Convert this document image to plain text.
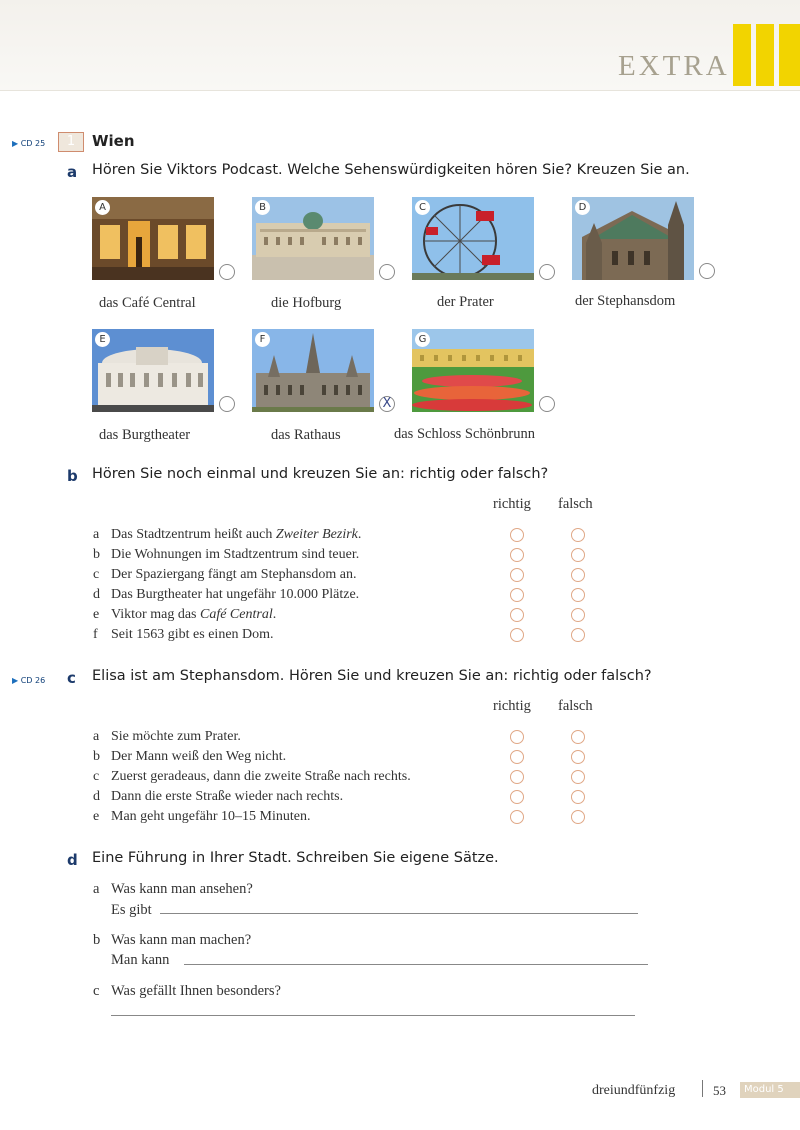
EXTRA
▶ CD 25	1	Wien
a Hören Sie Viktors Podcast. Welche Sehenswürdigkeiten hören Sie? Kreuzen Sie an.
A
das Café Central
B
die Hofburg
C
der Prater
D
der Stephansdom
E
das Burgtheater
F
X
das Rathaus
G
das Schloss Schönbrunn
b Hören Sie noch einmal und kreuzen Sie an: richtig oder falsch?
richtig falsch
a Das Stadtzentrum heißt auch Zweiter Bezirk.
b Die Wohnungen im Stadtzentrum sind teuer.
c Der Spaziergang fängt am Stephansdom an.
d Das Burgtheater hat ungefähr 10.000 Plätze.
e Viktor mag das Café Central.
f Seit 1563 gibt es einen Dom.
▶ CD 26 c Elisa ist am Stephansdom. Hören Sie und kreuzen Sie an: richtig oder falsch?
richtig falsch
a Sie möchte zum Prater.
b Der Mann weiß den Weg nicht.
c Zuerst geradeaus, dann die zweite Straße nach rechts.
d Dann die erste Straße wieder nach rechts.
e Man geht ungefähr 10–15 Minuten.
d Eine Führung in Ihrer Stadt. Schreiben Sie eigene Sätze.
a Was kann man ansehen?
Es gibt
b Was kann man machen?
Man kann
c Was gefällt Ihnen besonders?
dreiundfünfzig	53	Modul 5
